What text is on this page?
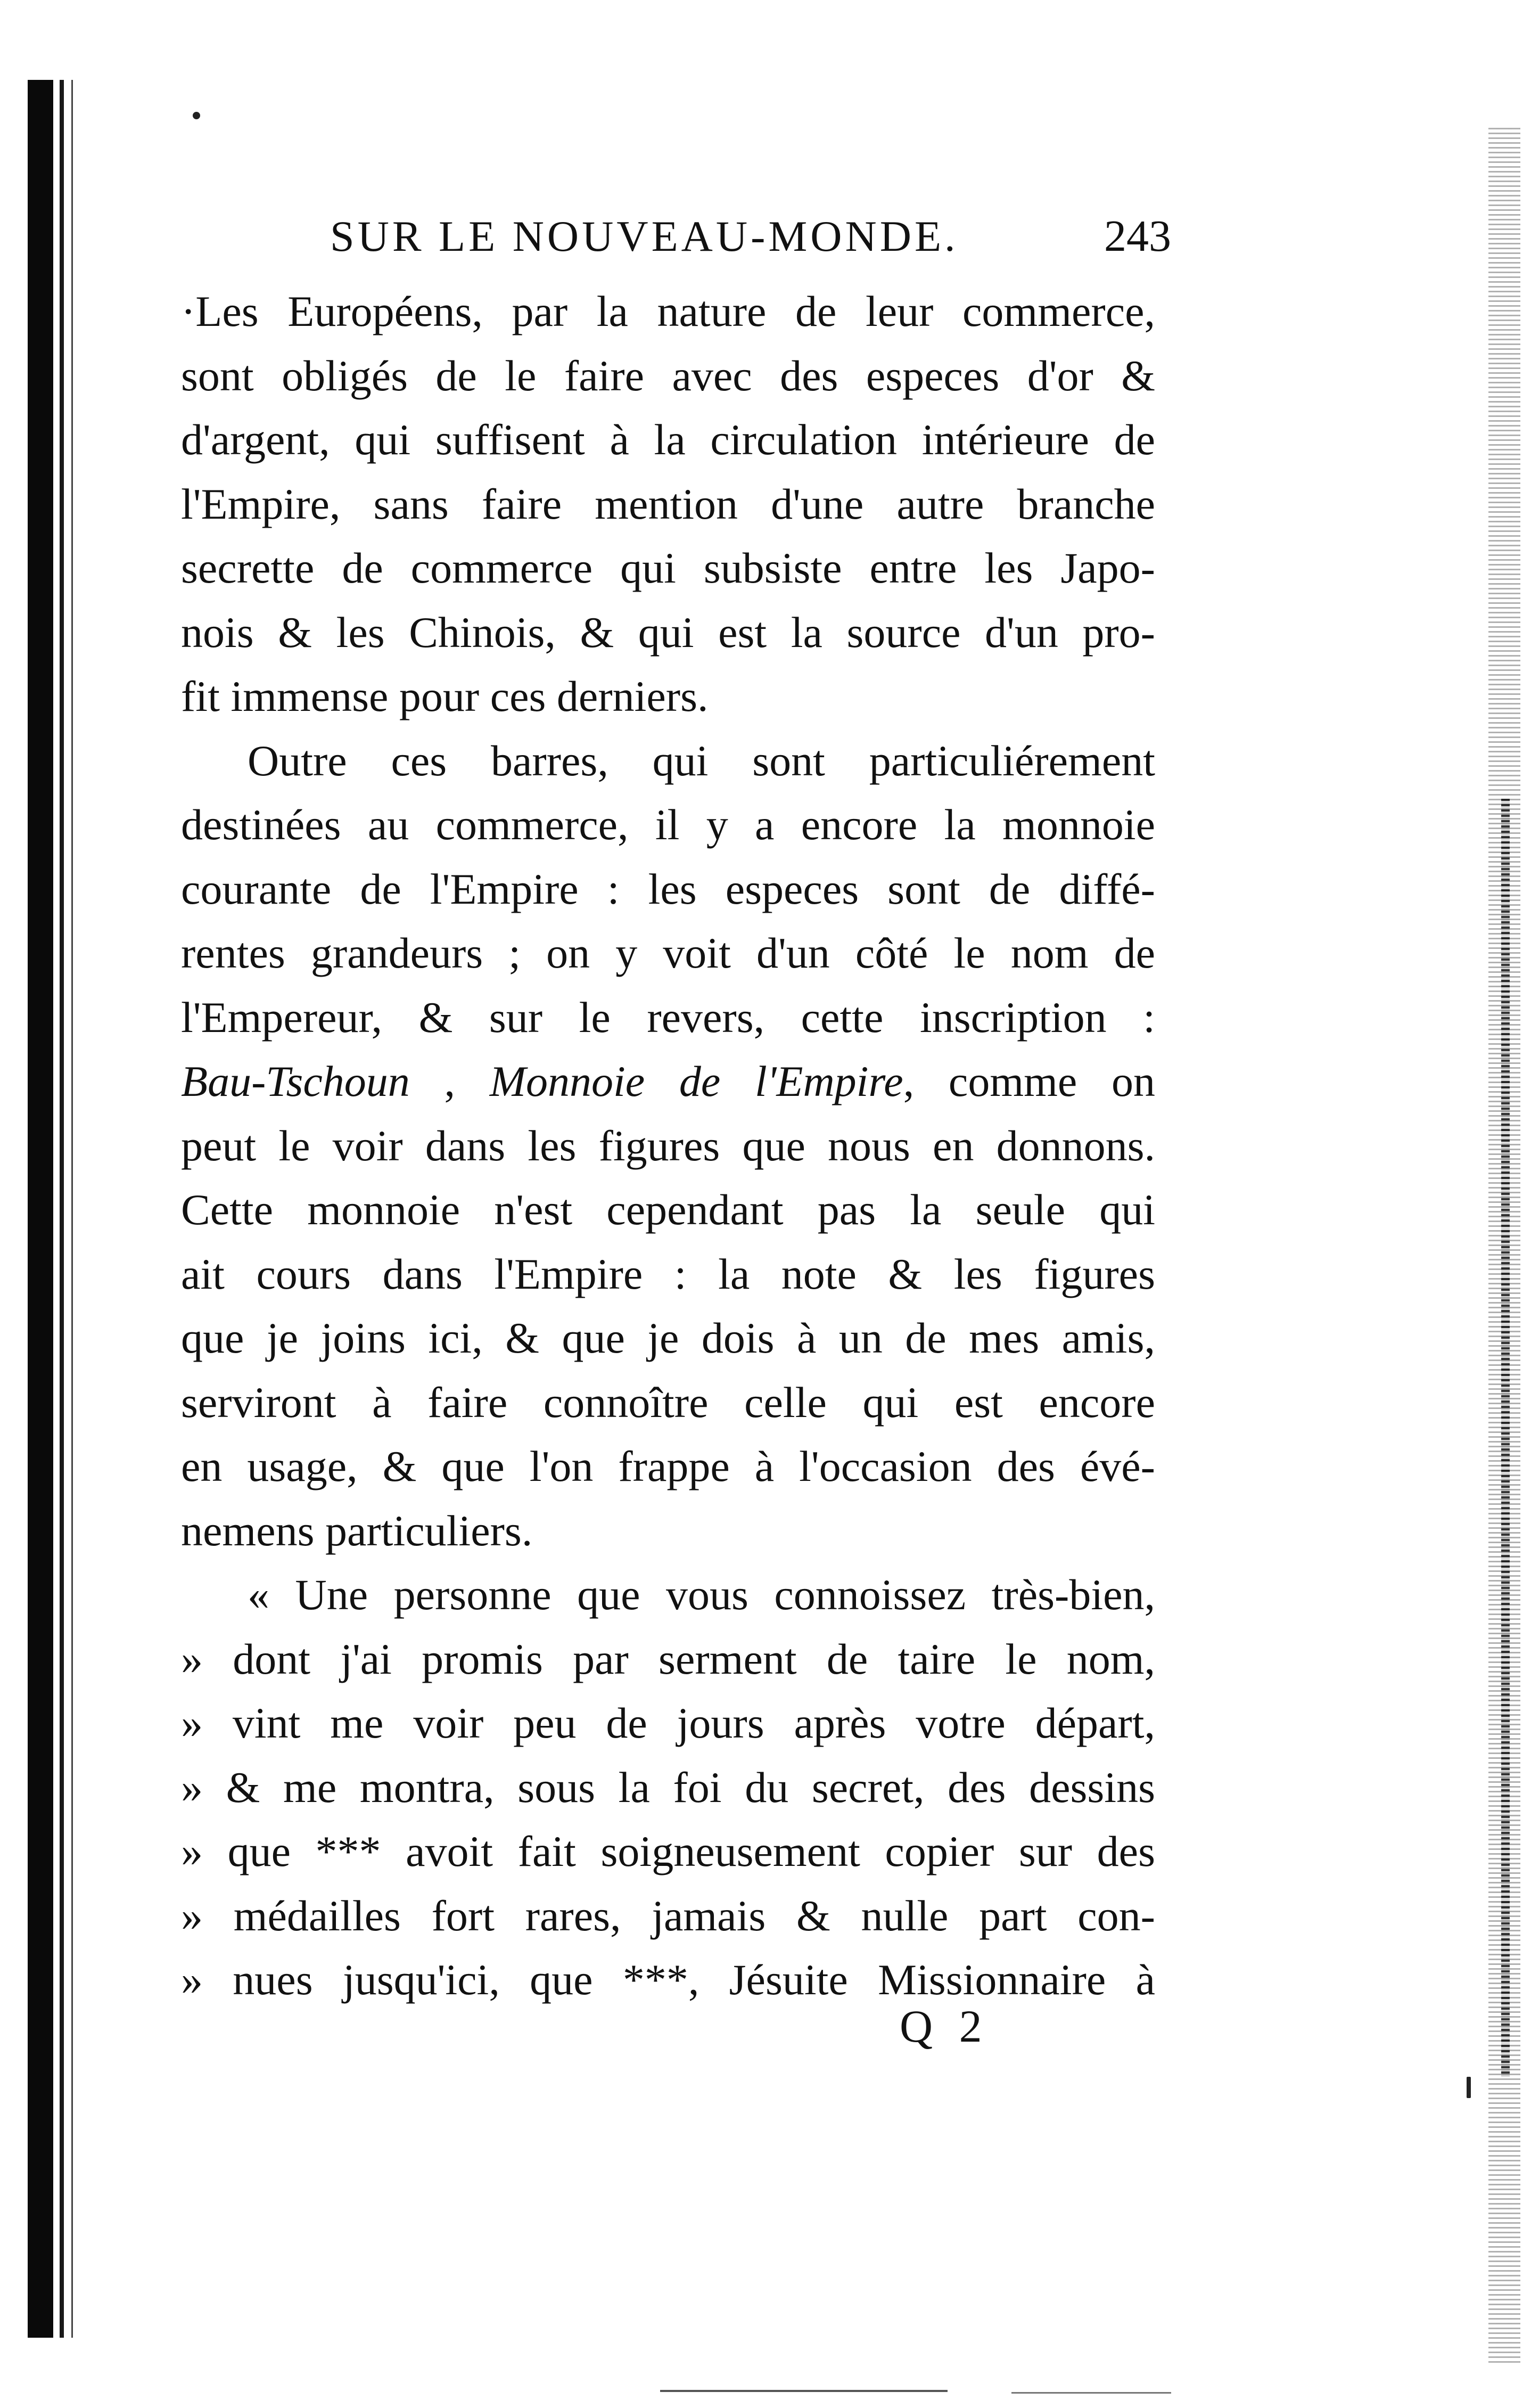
SUR LE NOUVEAU-MONDE.	243
·Les Européens, par la nature de leur commerce,
sont obligés de le faire avec des especes d'or &
d'argent, qui suffisent à la circulation intérieure de
l'Empire, sans faire mention d'une autre branche
secrette de commerce qui subsiste entre les Japo-
nois & les Chinois, & qui est la source d'un pro-
fit immense pour ces derniers.
Outre ces barres, qui sont particuliérement
destinées au commerce, il y a encore la monnoie
courante de l'Empire : les especes sont de diffé-
rentes grandeurs ; on y voit d'un côté le nom de
l'Empereur, & sur le revers, cette inscription :
Bau-Tschoun , Monnoie de l'Empire, comme on
peut le voir dans les figures que nous en donnons.
Cette monnoie n'est cependant pas la seule qui
ait cours dans l'Empire : la note & les figures
que je joins ici, & que je dois à un de mes amis,
serviront à faire connoître celle qui est encore
en usage, & que l'on frappe à l'occasion des évé-
nemens particuliers.
« Une personne que vous connoissez très-bien,
» dont j'ai promis par serment de taire le nom,
» vint me voir peu de jours après votre départ,
» & me montra, sous la foi du secret, des dessins
» que *** avoit fait soigneusement copier sur des
» médailles fort rares, jamais & nulle part con-
» nues jusqu'ici, que ***, Jésuite Missionnaire à
Q 2
